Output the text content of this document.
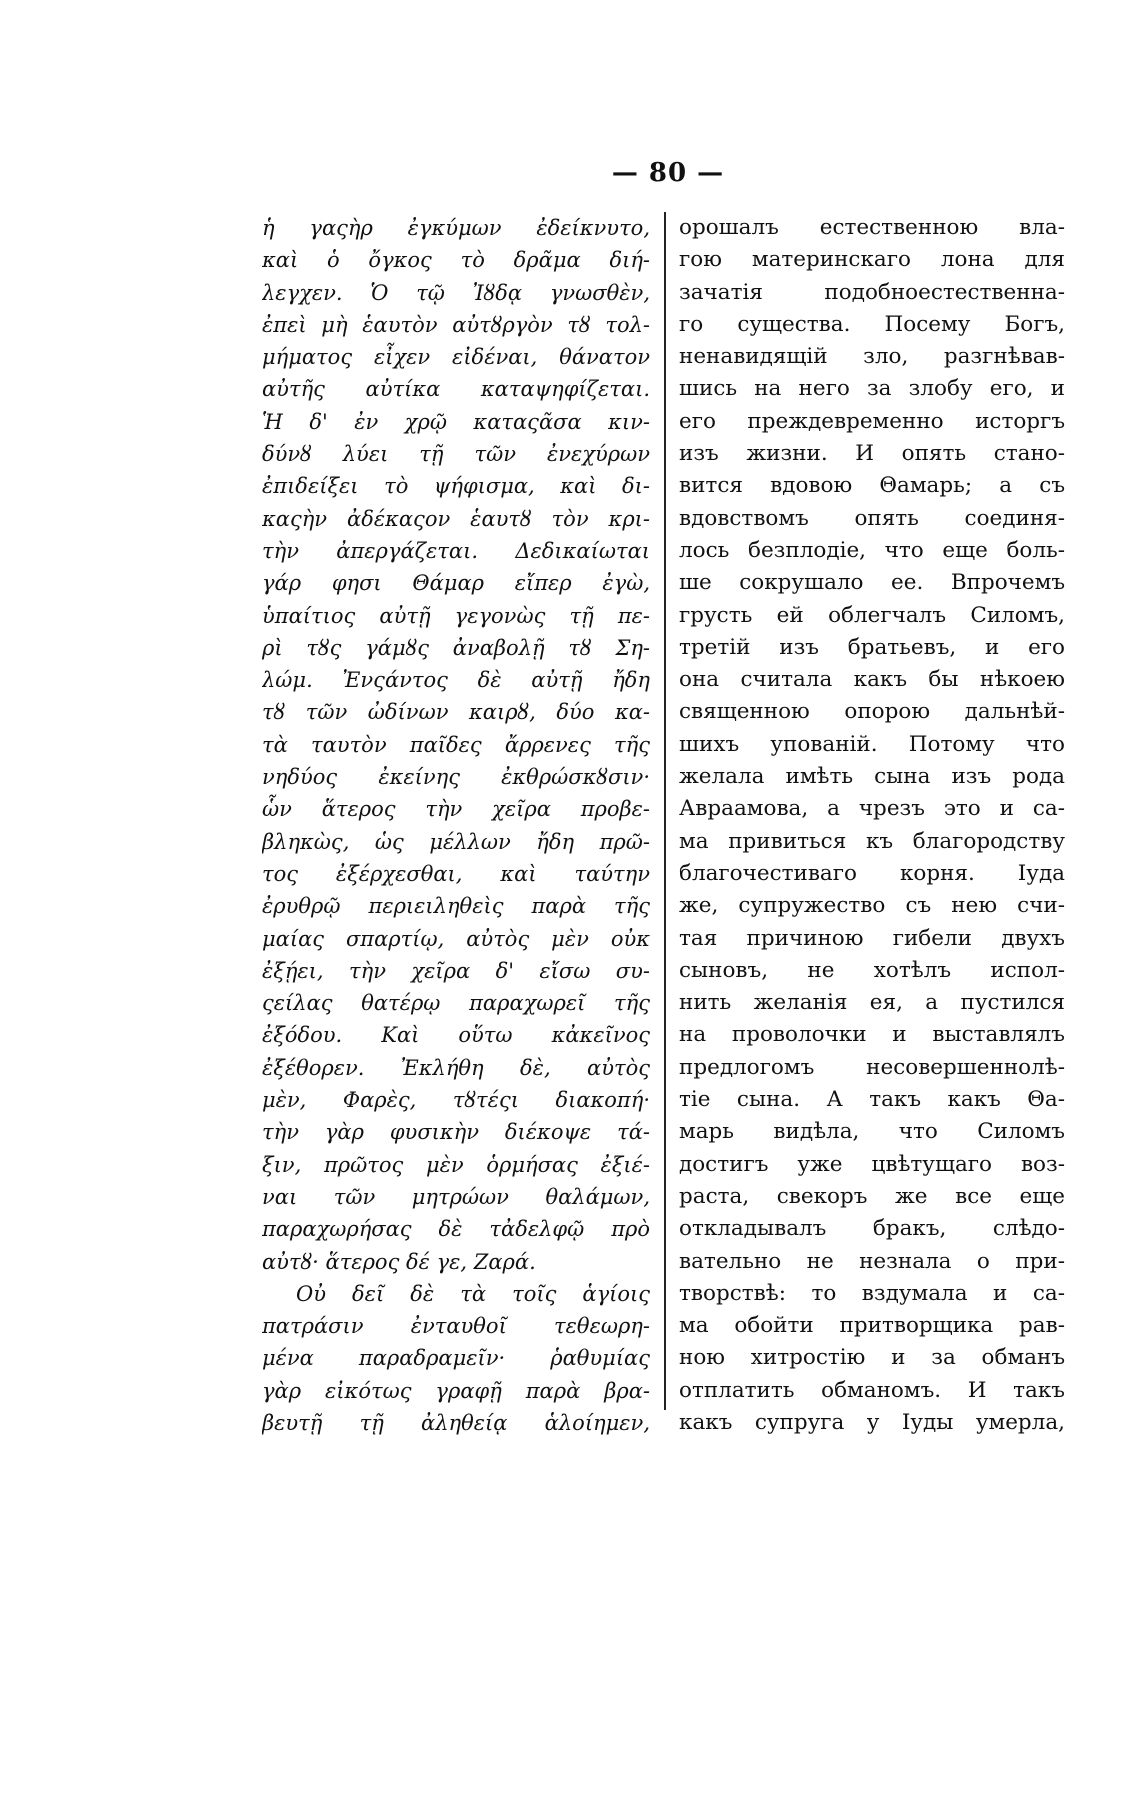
— 80 —
ἡ γαςὴρ ἐγκύμων ἐδείκνυτο,
καὶ ὁ ὄγκος τὸ δρᾶμα διή-
λεγχεν. Ὁ τῷ Ἰȣδᾳ γνωσθὲν,
ἐπεὶ μὴ ἑαυτὸν αὐτȣργὸν τȣ τολ-
μήματος εἶχεν εἰδέναι, θάνατον
αὐτῆς αὐτίκα καταψηφίζεται.
Ἡ δ' ἐν χρῷ καταςᾶσα κιν-
δύνȣ λύει τῇ τῶν ἐνεχύρων
ἐπιδείξει τὸ ψήφισμα, καὶ δι-
καςὴν ἀδέκαςον ἑαυτȣ τὸν κρι-
τὴν ἀπεργάζεται. Δεδικαίωται
γάρ φησι Θάμαρ εἴπερ ἐγὼ,
ὑπαίτιος αὐτῇ γεγονὼς τῇ πε-
ρὶ τȣς γάμȣς ἀναβολῇ τȣ Ση-
λώμ. Ἐνςάντος δὲ αὐτῇ ἤδη
τȣ τῶν ὠδίνων καιρȣ, δύο κα-
τὰ ταυτὸν παῖδες ἄρρενες τῆς
νηδύος ἐκείνης ἐκθρώσκȣσιν·
ὧν ἅτερος τὴν χεῖρα προβε-
βληκὼς, ὡς μέλλων ἤδη πρῶ-
τος ἐξέρχεσθαι, καὶ ταύτην
ἐρυθρῷ περιειληθεὶς παρὰ τῆς
μαίας σπαρτίῳ, αὐτὸς μὲν οὐκ
ἐξῄει, τὴν χεῖρα δ' εἴσω συ-
ςείλας θατέρῳ παραχωρεῖ τῆς
ἐξόδου. Καὶ οὕτω κἀκεῖνος
ἐξέθορεν. Ἐκλήθη δὲ, αὐτὸς
μὲν, Φαρὲς, τȣτέςι διακοπή·
τὴν γὰρ φυσικὴν διέκοψε τά-
ξιν, πρῶτος μὲν ὁρμήσας ἐξιέ-
ναι τῶν μητρώων θαλάμων,
παραχωρήσας δὲ τἀδελφῷ πρὸ
αὐτȣ· ἅτερος δέ γε, Ζαρά.
Οὐ δεῖ δὲ τὰ τοῖς ἁγίοις
πατράσιν ἐνταυθοῖ τεθεωρη-
μένα παραδραμεῖν· ῥαθυμίας
γὰρ εἰκότως γραφῇ παρὰ βρα-
βευτῇ τῇ ἀληθείᾳ ἁλοίημεν,
орошалъ естественною вла-
гою материнскаго лона для
зачатія подобноестественна-
го существа. Посему Богъ,
ненавидящій зло, разгнѣвав-
шись на него за злобу его, и
его преждевременно исторгъ
изъ жизни. И опять стано-
вится вдовою Θамарь; а съ
вдовствомъ опять соединя-
лось безплодіе, что еще боль-
ше сокрушало ее. Впрочемъ
грусть ей облегчалъ Силомъ,
третій изъ братьевъ, и его
она считала какъ бы нѣкоею
священною опорою дальнѣй-
шихъ упованій. Потому что
желала имѣть сына изъ рода
Авраамова, а чрезъ это и са-
ма привиться къ благородству
благочестиваго корня. Іуда
же, супружество съ нею счи-
тая причиною гибели двухъ
сыновъ, не хотѣлъ испол-
нить желанія ея, а пустился
на проволочки и выставлялъ
предлогомъ несовершеннолѣ-
тіе сына. А такъ какъ Θа-
марь видѣла, что Силомъ
достигъ уже цвѣтущаго воз-
раста, свекоръ же все еще
откладывалъ бракъ, слѣдо-
вательно не незнала о при-
творствѣ: то вздумала и са-
ма обойти притворщика рав-
ною хитростію и за обманъ
отплатить обманомъ. И такъ
какъ супруга у Іуды умерла,
